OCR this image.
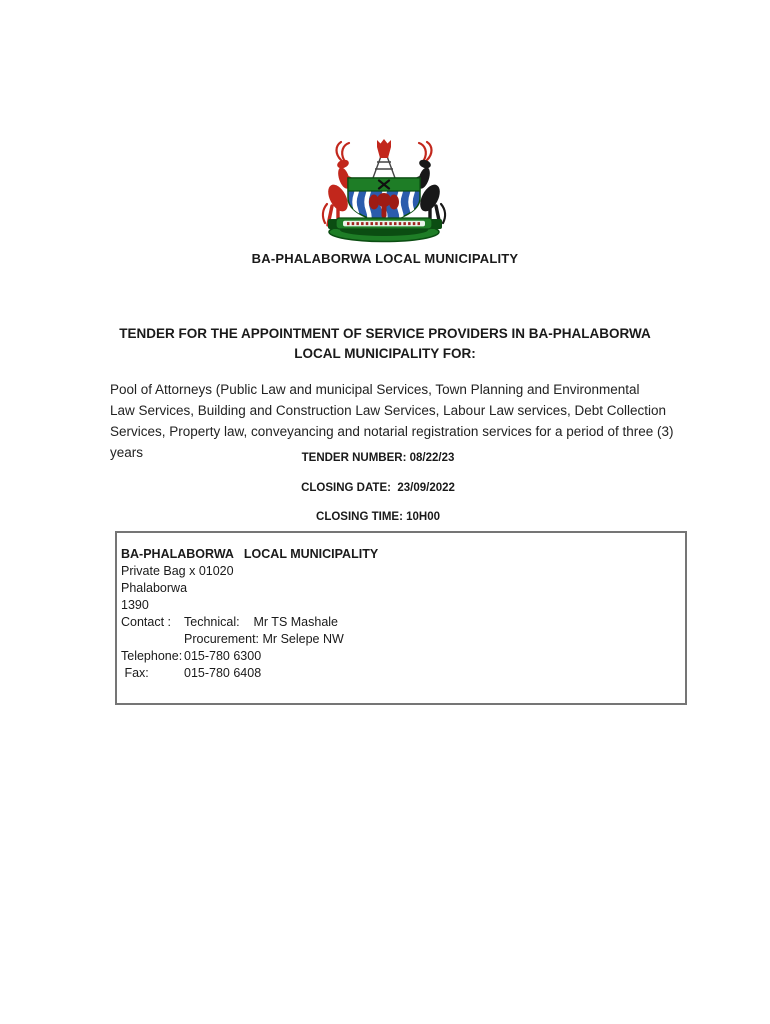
BA-PHALABORWA LOCAL MUNICIPALITY
TENDER FOR THE APPOINTMENT OF SERVICE PROVIDERS IN BA-PHALABORWA
LOCAL MUNICIPALITY FOR:
Pool of Attorneys (Public Law and municipal Services, Town Planning and Environmental
Law Services, Building and Construction Law Services, Labour Law services, Debt Collection
Services, Property law, conveyancing and notarial registration services for a period of three (3)
years	TENDER NUMBER: 08/22/23
CLOSING DATE:  23/09/2022
CLOSING TIME: 10H00
BA-PHALABORWA   LOCAL MUNICIPALITY
Private Bag x 01020
Phalaborwa
1390
Contact :	Technical: Mr TS Mashale
Procurement: Mr Selepe NW
Telephone: 015-780 6300
Fax:	015-780 6408
